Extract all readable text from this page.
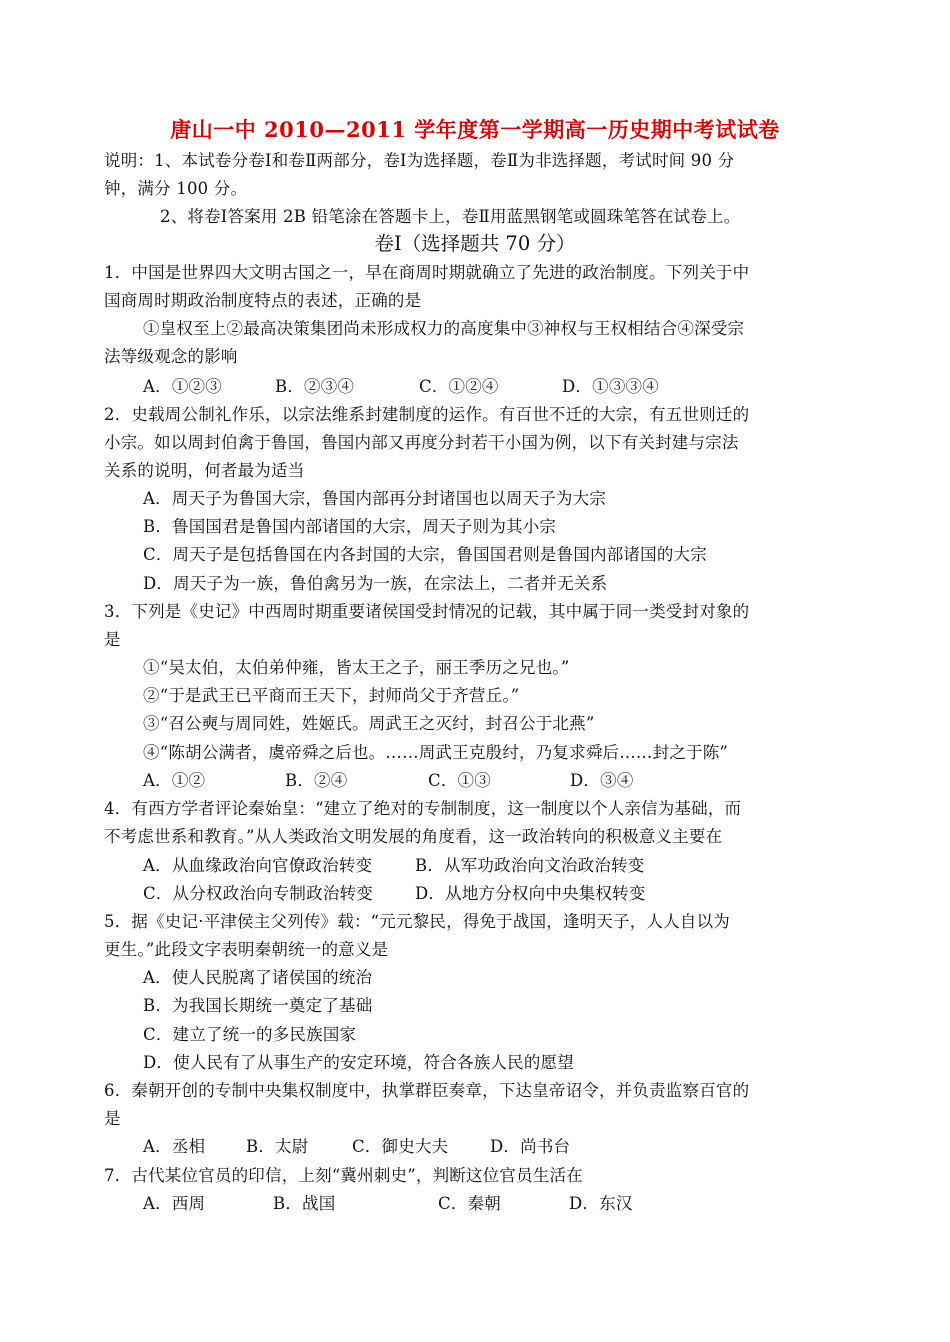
唐山一中 2010—2011 学年度第一学期高一历史期中考试试卷
说明：1、本试卷分卷Ⅰ和卷Ⅱ两部分，卷Ⅰ为选择题，卷Ⅱ为非选择题，考试时间 90 分
钟，满分 100 分。
2、将卷Ⅰ答案用 2B 铅笔涂在答题卡上，卷Ⅱ用蓝黑钢笔或圆珠笔答在试卷上。
卷Ⅰ（选择题共 70 分）
1．中国是世界四大文明古国之一，早在商周时期就确立了先进的政治制度。下列关于中
国商周时期政治制度特点的表述，正确的是
①皇权至上②最高决策集团尚未形成权力的高度集中③神权与王权相结合④深受宗
法等级观念的影响
A．①②③	B．②③④	C．①②④	D．①③③④
2．史载周公制礼作乐，以宗法维系封建制度的运作。有百世不迁的大宗，有五世则迁的
小宗。如以周封伯禽于鲁国，鲁国内部又再度分封若干小国为例，以下有关封建与宗法
关系的说明，何者最为适当
A．周天子为鲁国大宗，鲁国内部再分封诸国也以周天子为大宗
B．鲁国国君是鲁国内部诸国的大宗，周天子则为其小宗
C．周天子是包括鲁国在内各封国的大宗，鲁国国君则是鲁国内部诸国的大宗
D．周天子为一族，鲁伯禽另为一族，在宗法上，二者并无关系
3．下列是《史记》中西周时期重要诸侯国受封情况的记载，其中属于同一类受封对象的
是
①“吴太伯，太伯弟仲雍，皆太王之子，丽王季历之兄也。”
②“于是武王已平商而王天下，封师尚父于齐营丘。”
③“召公奭与周同姓，姓姬氏。周武王之灭纣，封召公于北燕”
④“陈胡公满者，虞帝舜之后也。……周武王克殷纣，乃复求舜后……封之于陈”
A．①②	B．②④	C．①③	D．③④
4．有西方学者评论秦始皇：“建立了绝对的专制制度，这一制度以个人亲信为基础，而
不考虑世系和教育。”从人类政治文明发展的角度看，这一政治转向的积极意义主要在
A．从血缘政治向官僚政治转变	B．从军功政治向文治政治转变
C．从分权政治向专制政治转变	D．从地方分权向中央集权转变
5．据《史记·平津侯主父列传》载：“元元黎民，得免于战国，逢明天子，人人自以为
更生。”此段文字表明秦朝统一的意义是
A．使人民脱离了诸侯国的统治
B．为我国长期统一奠定了基础
C．建立了统一的多民族国家
D．使人民有了从事生产的安定环境，符合各族人民的愿望
6．秦朝开创的专制中央集权制度中，执掌群臣奏章，下达皇帝诏令，并负责监察百官的
是
A．丞相 B．太尉	C．御史大夫	D．尚书台
7．古代某位官员的印信，上刻“冀州刺史”，判断这位官员生活在
A．西周	B．战国	C．秦朝	D．东汉
